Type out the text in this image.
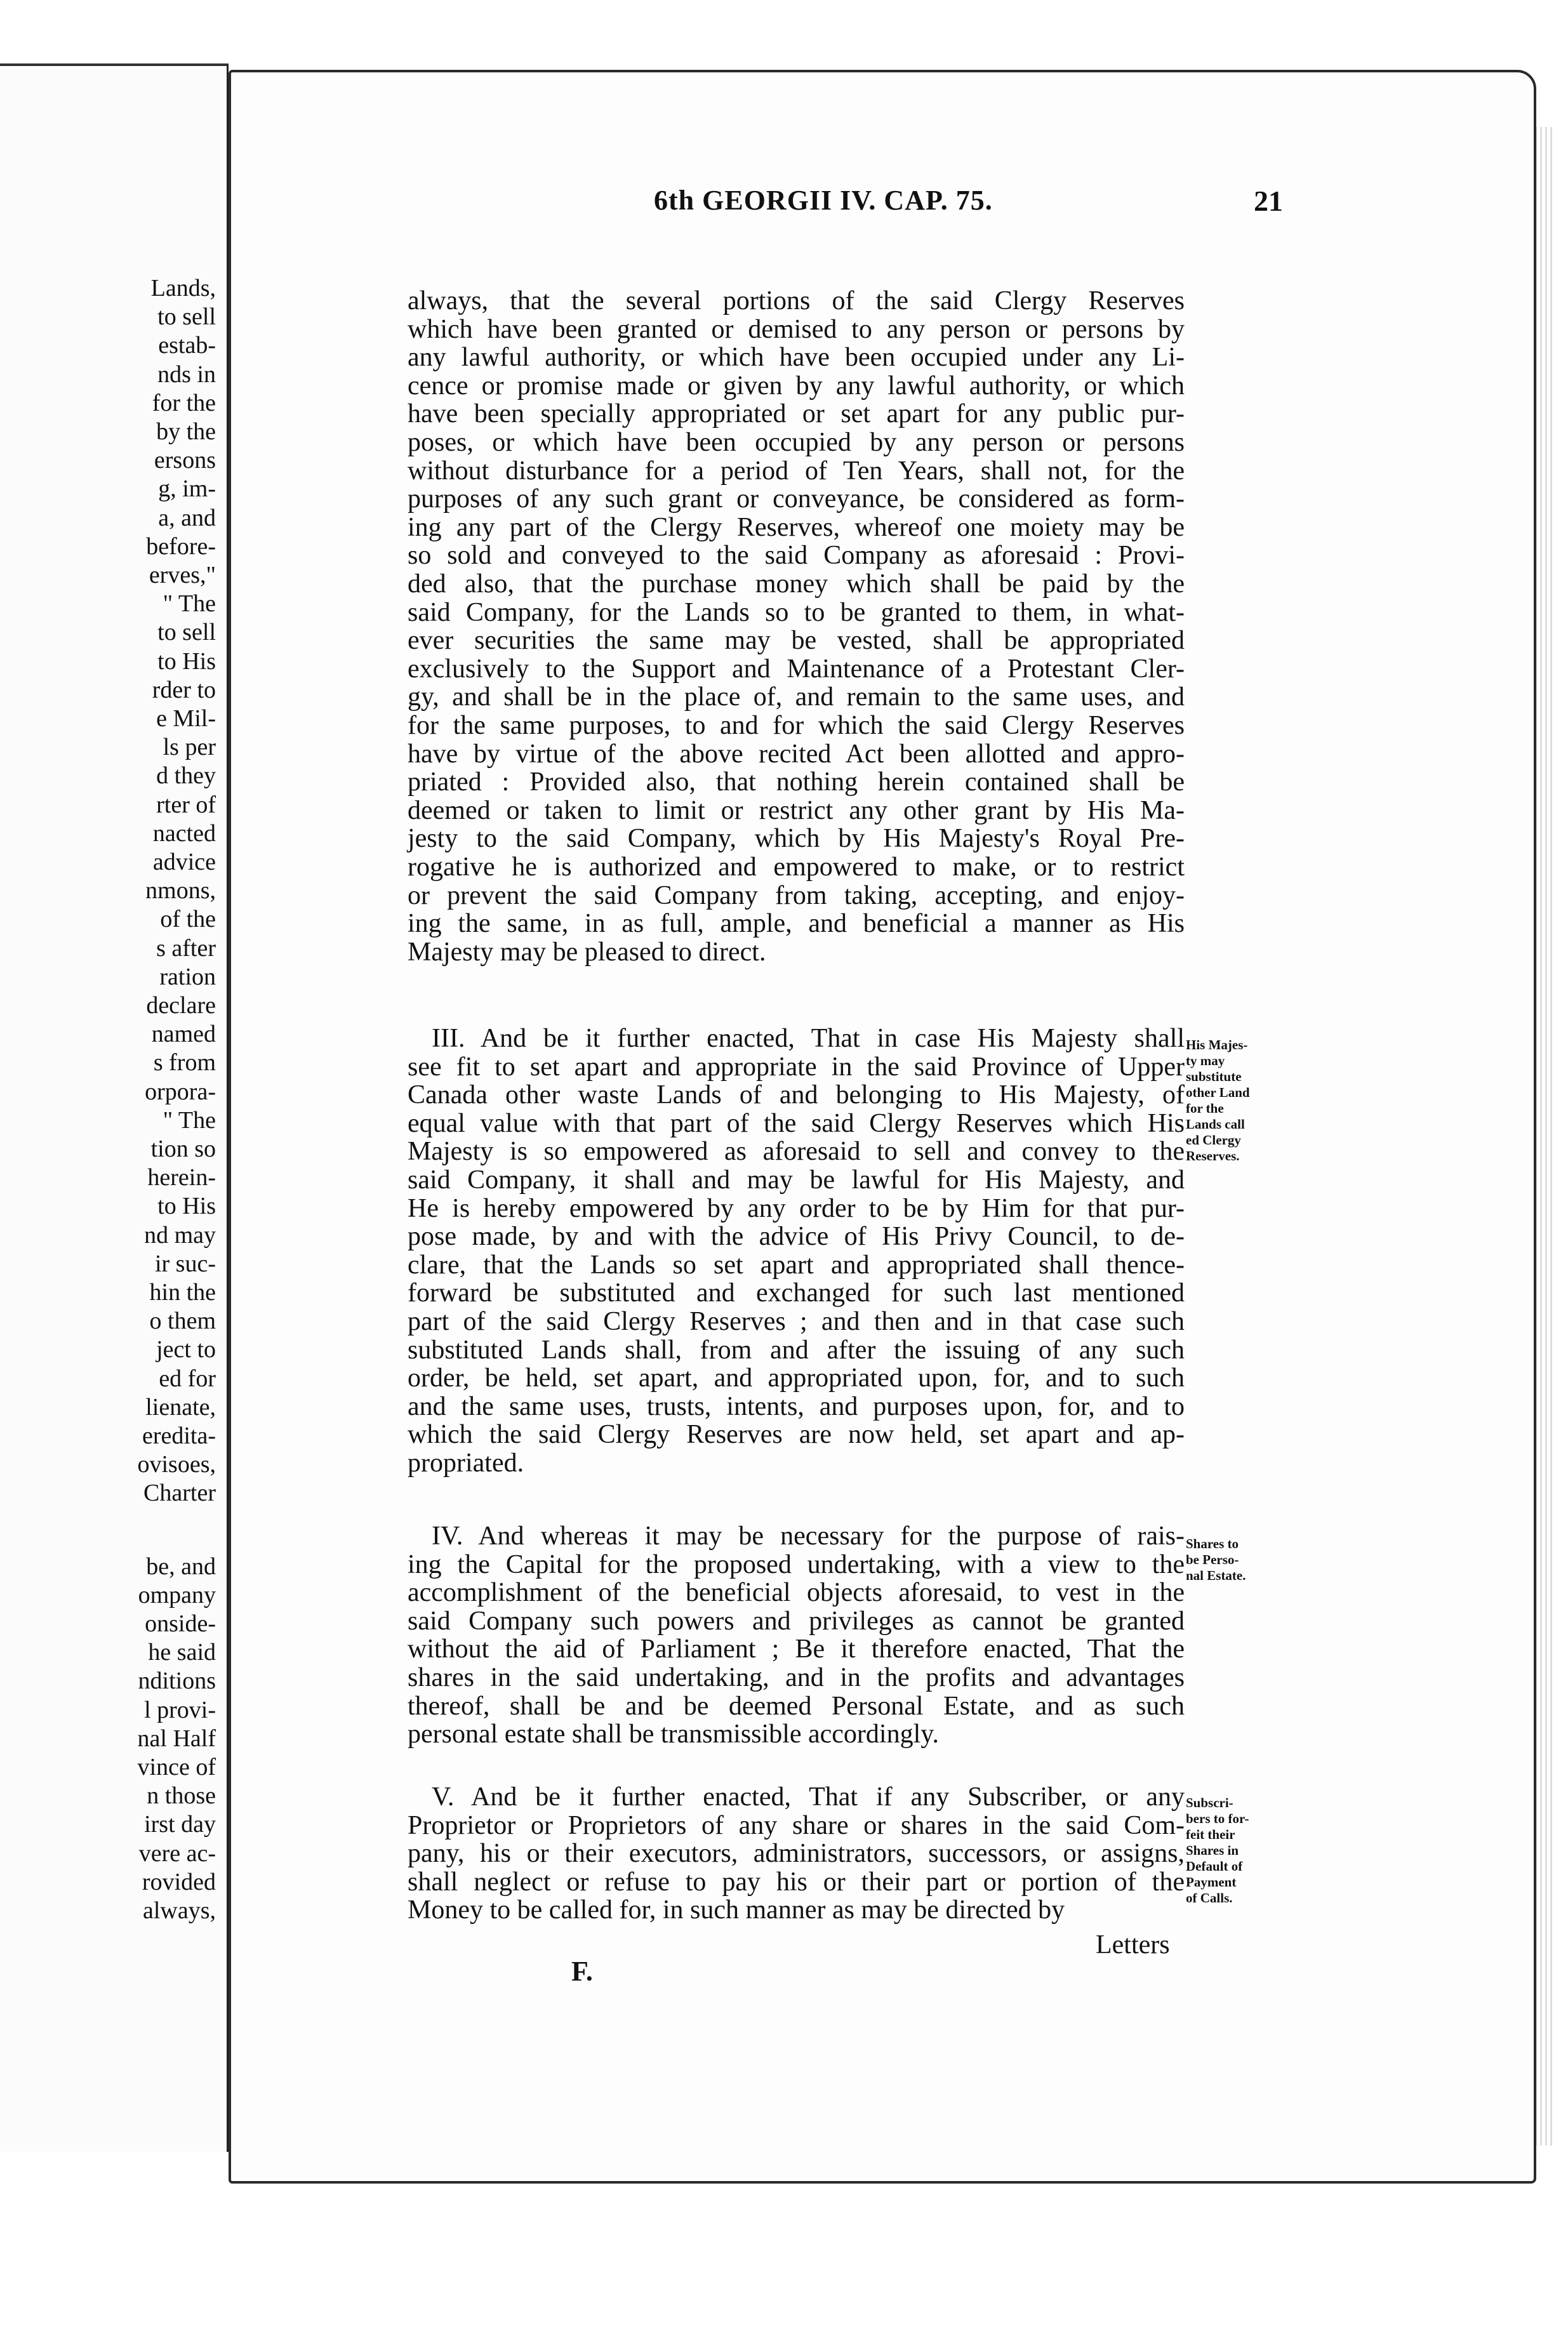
Lands,
to sell
estab-
nds in
for the
by the
ersons
g, im-
a, and
before-
erves,"
" The
to sell
to His
rder to
e Mil-
ls per
d they
rter of
nacted
advice
nmons,
of the
s after
ration
declare
named
s from
orpora-
" The
tion so
herein-
to His
nd may
ir suc-
hin the
o them
ject to
ed for
lienate,
eredita-
ovisoes,
Charter
be, and
ompany
onside-
he said
nditions
l provi-
nal Half
vince of
n those
irst day
vere ac-
rovided
always,
6th GEORGII IV. CAP. 75.	21
always, that the several portions of the said Clergy Reserves
which have been granted or demised to any person or persons by
any lawful authority, or which have been occupied under any Li-
cence or promise made or given by any lawful authority, or which
have been specially appropriated or set apart for any public pur-
poses, or which have been occupied by any person or persons
without disturbance for a period of Ten Years, shall not, for the
purposes of any such grant or conveyance, be considered as form-
ing any part of the Clergy Reserves, whereof one moiety may be
so sold and conveyed to the said Company as aforesaid : Provi-
ded also, that the purchase money which shall be paid by the
said Company, for the Lands so to be granted to them, in what-
ever securities the same may be vested, shall be appropriated
exclusively to the Support and Maintenance of a Protestant Cler-
gy, and shall be in the place of, and remain to the same uses, and
for the same purposes, to and for which the said Clergy Reserves
have by virtue of the above recited Act been allotted and appro-
priated : Provided also, that nothing herein contained shall be
deemed or taken to limit or restrict any other grant by His Ma-
jesty to the said Company, which by His Majesty's Royal Pre-
rogative he is authorized and empowered to make, or to restrict
or prevent the said Company from taking, accepting, and enjoy-
ing the same, in as full, ample, and beneficial a manner as His
Majesty may be pleased to direct.
III. And be it further enacted, That in case His Majesty shall
see fit to set apart and appropriate in the said Province of Upper
Canada other waste Lands of and belonging to His Majesty, of
equal value with that part of the said Clergy Reserves which His
Majesty is so empowered as aforesaid to sell and convey to the
said Company, it shall and may be lawful for His Majesty, and
He is hereby empowered by any order to be by Him for that pur-
pose made, by and with the advice of His Privy Council, to de-
clare, that the Lands so set apart and appropriated shall thence-
forward be substituted and exchanged for such last mentioned
part of the said Clergy Reserves ; and then and in that case such
substituted Lands shall, from and after the issuing of any such
order, be held, set apart, and appropriated upon, for, and to such
and the same uses, trusts, intents, and purposes upon, for, and to
which the said Clergy Reserves are now held, set apart and ap-
propriated.
IV. And whereas it may be necessary for the purpose of rais-
ing the Capital for the proposed undertaking, with a view to the
accomplishment of the beneficial objects aforesaid, to vest in the
said Company such powers and privileges as cannot be granted
without the aid of Parliament ; Be it therefore enacted, That the
shares in the said undertaking, and in the profits and advantages
thereof, shall be and be deemed Personal Estate, and as such
personal estate shall be transmissible accordingly.
V. And be it further enacted, That if any Subscriber, or any
Proprietor or Proprietors of any share or shares in the said Com-
pany, his or their executors, administrators, successors, or assigns,
shall neglect or refuse to pay his or their part or portion of the
Money to be called for, in such manner as may be directed by
His Majes-
ty may
substitute
other Land
for the
Lands call
ed Clergy
Reserves.
Shares to
be Perso-
nal Estate.
Subscri-
bers to for-
feit their
Shares in
Default of
Payment
of Calls.
Letters
F.
